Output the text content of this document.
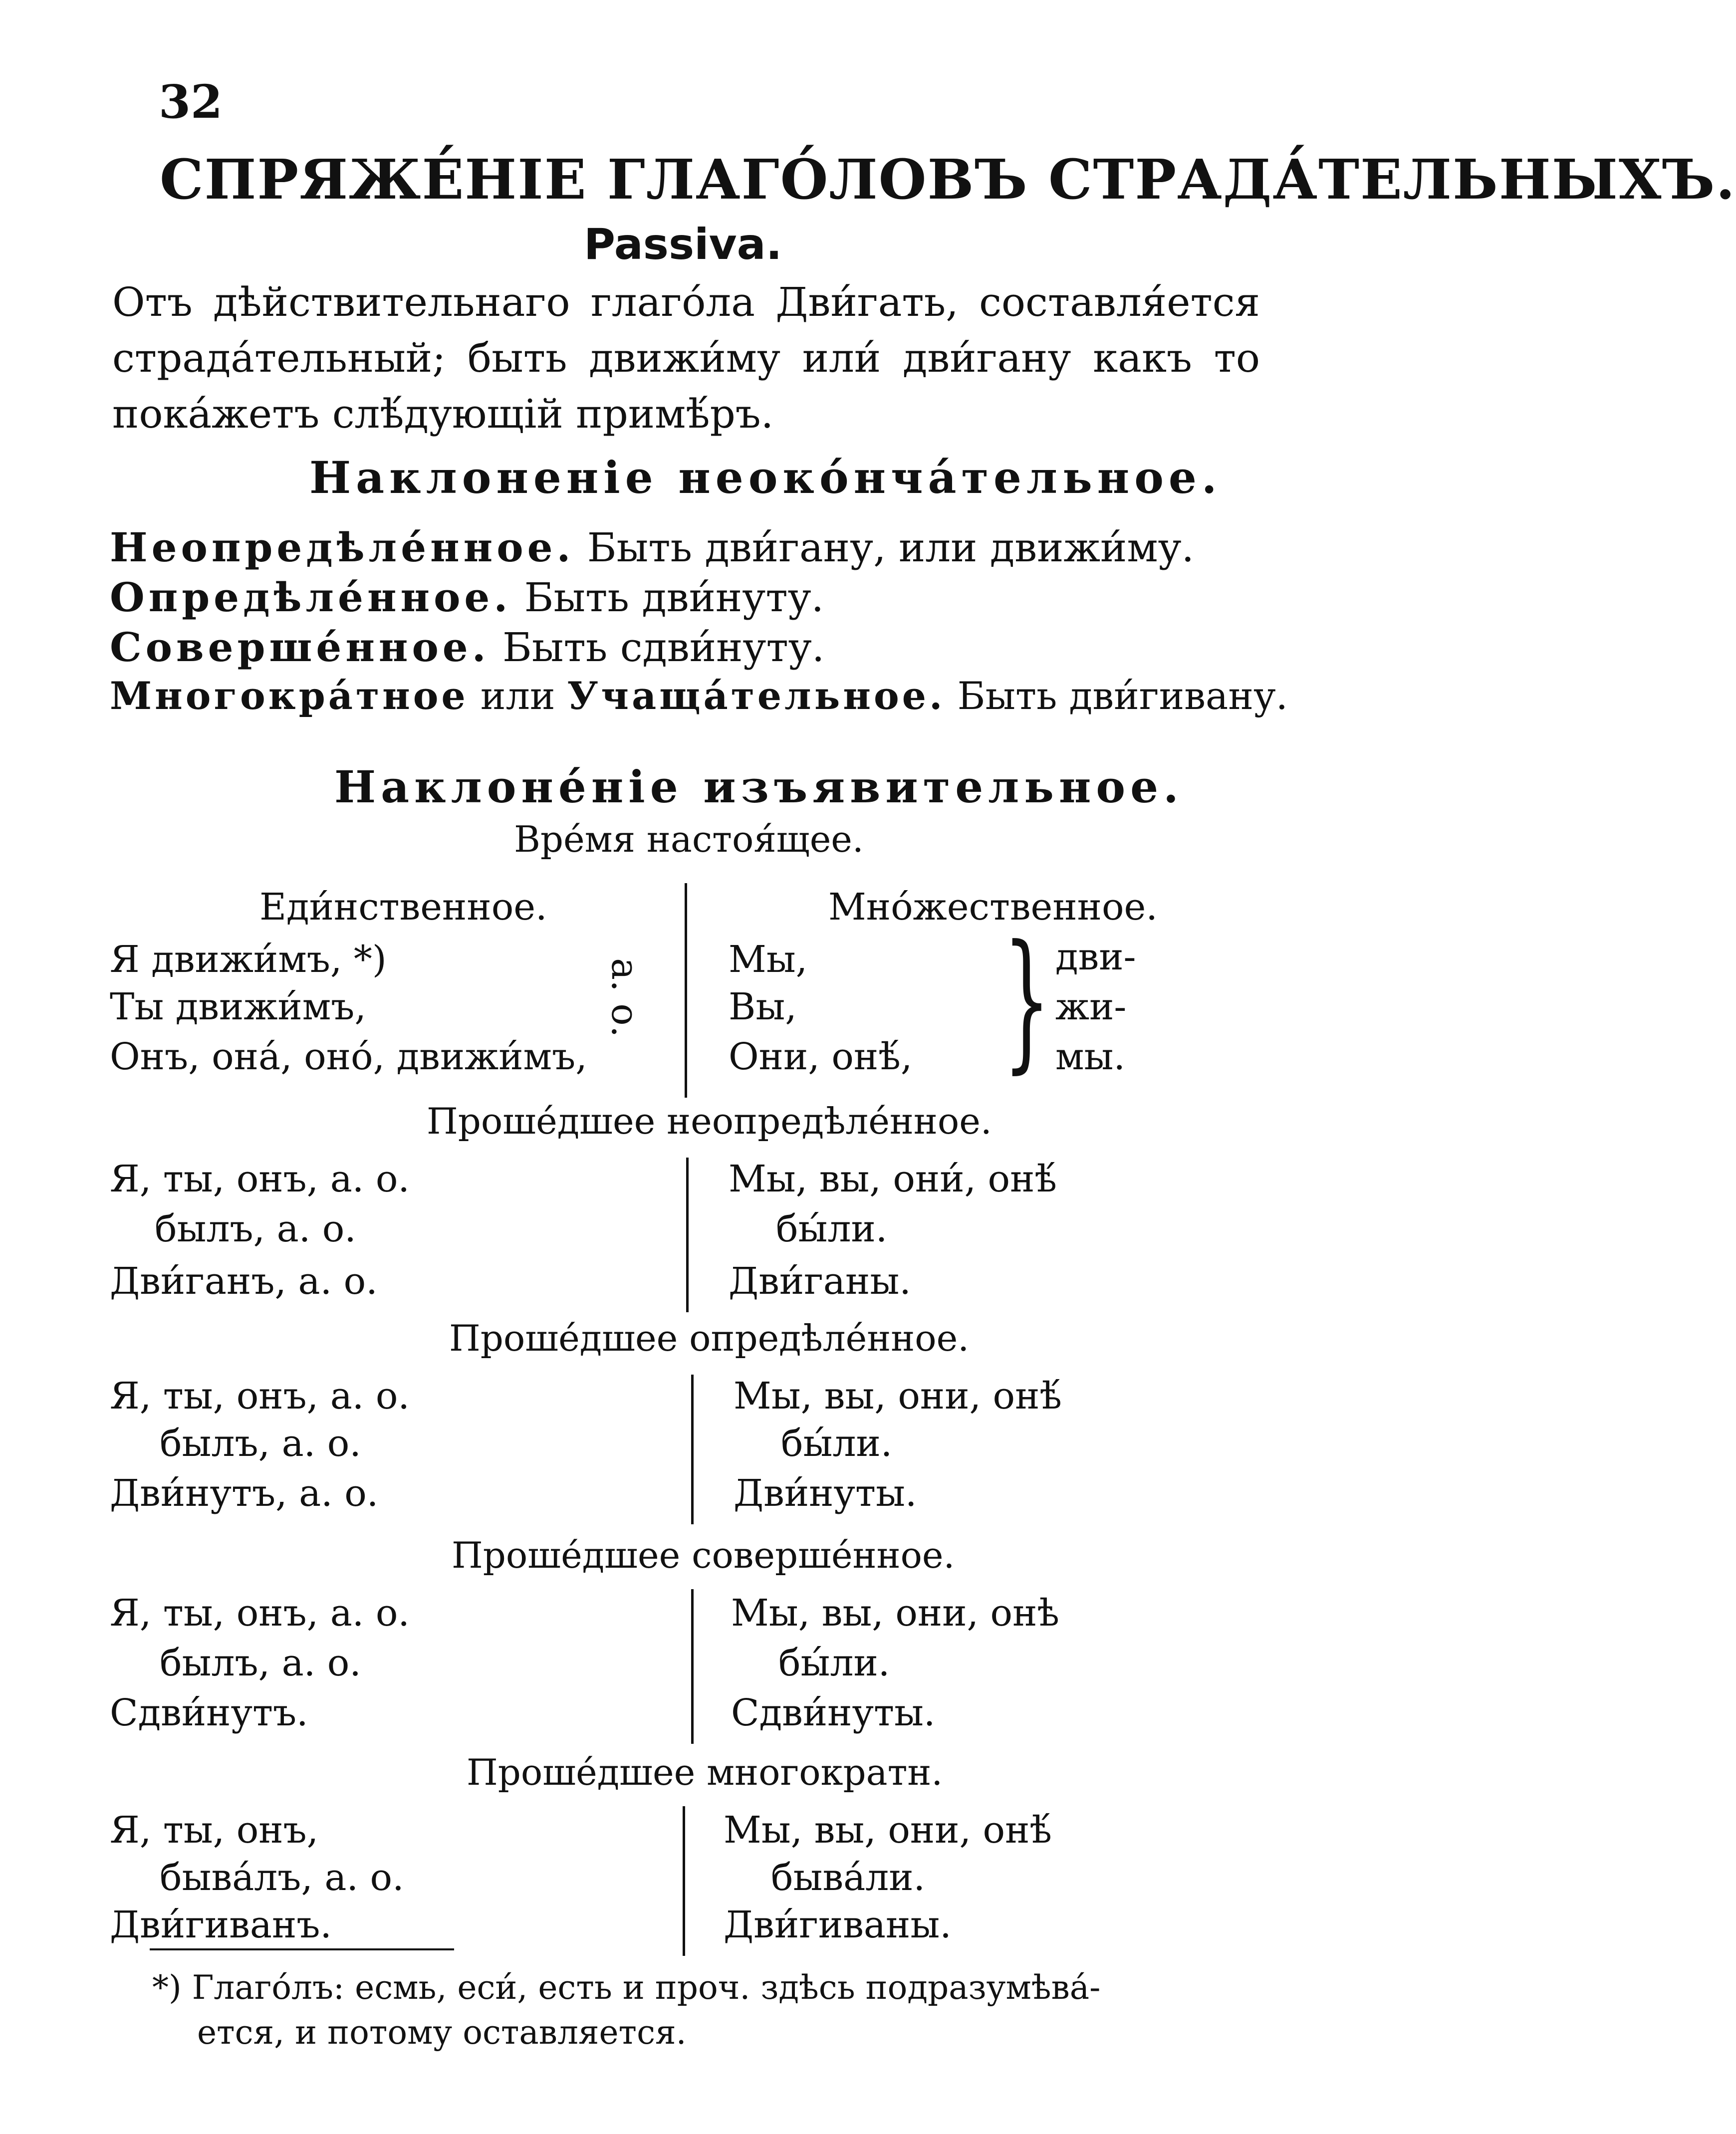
32
СПРЯЖЕ́НІЕ ГЛАГО́ЛОВЪ СТРАДА́ТЕЛЬНЫХЪ.
Passiva.
Отъ дѣйствительнаго глаго́ла Дви́гать, составля́ется страда́тельный; быть движи́му или́ дви́гану какъ то пока́жетъ слѣ́дующій примѣ́ръ.
Наклоненіе неоко́нча́тельное.
Неопредѣле́нное. Быть дви́гану, или движи́му.
Опредѣле́нное. Быть дви́нуту.
Соверше́нное. Быть сдви́нуту.
Многокра́тное или Учаща́тельное. Быть дви́гивану.
Наклоне́ніе изъявительное.
Вре́мя настоя́щее.
Еди́нственное.	Мно́жественное.
Я движи́мъ, *)
Ты движи́мъ,
Онъ, она́, оно́, движи́мъ,
а. о. Мы,
Вы,
Они, онѣ́, } дви-
жи-
мы.
Проше́дшее неопредѣле́нное.
Я, ты, онъ, а. о.
былъ, а. о.
Дви́ганъ, а. о.
Мы, вы, они́, онѣ́
бы́ли.
Дви́ганы.
Проше́дшее опредѣле́нное.
Я, ты, онъ, а. о.
былъ, а. о.
Дви́нутъ, а. о.
Мы, вы, они, онѣ́
бы́ли.
Дви́нуты.
Проше́дшее соверше́нное.
Я, ты, онъ, а. о.
былъ, а. о.
Сдви́нутъ.
Мы, вы, они, онѣ
бы́ли.
Сдви́нуты.
Проше́дшее многократн.
Я, ты, онъ,
быва́лъ, а. о.
Дви́гиванъ.
Мы, вы, они, онѣ́
быва́ли.
Дви́гиваны.
*) Глаго́лъ: есмь, еси́, есть и проч. здѣсь подразумѣва́-
ется, и потому оставляется.
